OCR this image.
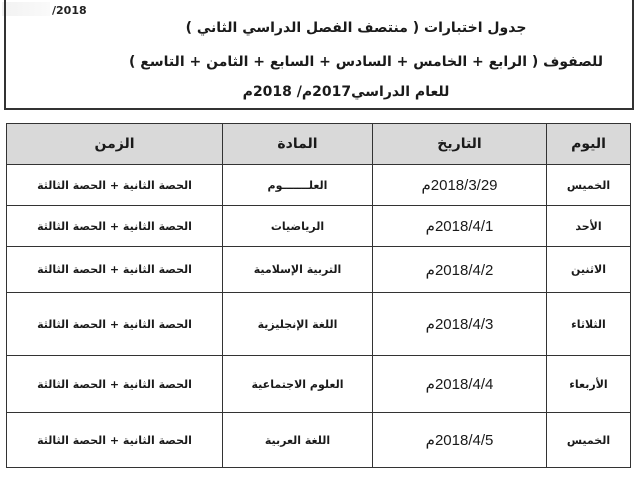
/2018
جدول اختبارات ( منتصف الفصل الدراسي الثاني )
للصفوف ( الرابع + الخامس + السادس + السابع + الثامن + التاسع )
للعام الدراسي2017م/ 2018م
اليوم	التاريخ	المادة	الزمن
الخميس	2018/3/29م	العلـــــــوم	الحصة الثانية + الحصة الثالثة
الأحد	2018/4/1م	الرياضيات	الحصة الثانية + الحصة الثالثة
الاثنين	2018/4/2م	التربية الإسلامية	الحصة الثانية + الحصة الثالثة
الثلاثاء	2018/4/3م	اللغة الإنجليزية	الحصة الثانية + الحصة الثالثة
الأربعاء	2018/4/4م	العلوم الاجتماعية	الحصة الثانية + الحصة الثالثة
الخميس	2018/4/5م	اللغة العربية	الحصة الثانية + الحصة الثالثة
